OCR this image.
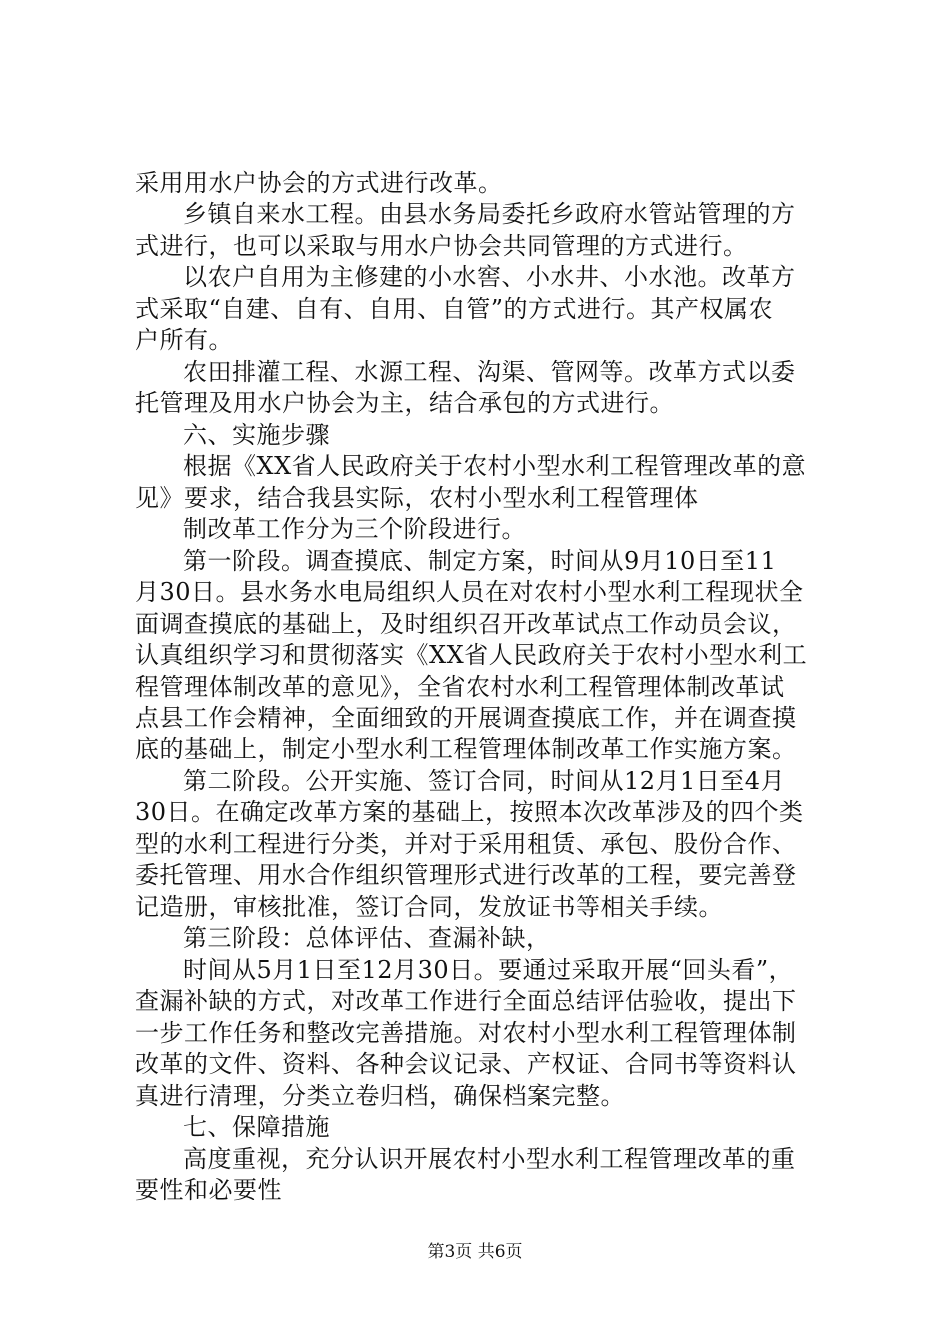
采用用水户协会的方式进行改革。
乡镇自来水工程。由县水务局委托乡政府水管站管理的方
式进行，也可以采取与用水户协会共同管理的方式进行。
以农户自用为主修建的小水窖、小水井、小水池。改革方
式采取“自建、自有、自用、自管”的方式进行。其产权属农
户所有。
农田排灌工程、水源工程、沟渠、管网等。改革方式以委
托管理及用水户协会为主，结合承包的方式进行。
六、实施步骤
根据《XX省人民政府关于农村小型水利工程管理改革的意
见》要求，结合我县实际，农村小型水利工程管理体
制改革工作分为三个阶段进行。
第一阶段。调查摸底、制定方案，时间从9月10日至11
月30日。县水务水电局组织人员在对农村小型水利工程现状全
面调查摸底的基础上，及时组织召开改革试点工作动员会议，
认真组织学习和贯彻落实《XX省人民政府关于农村小型水利工
程管理体制改革的意见》，全省农村水利工程管理体制改革试
点县工作会精神，全面细致的开展调查摸底工作，并在调查摸
底的基础上，制定小型水利工程管理体制改革工作实施方案。
第二阶段。公开实施、签订合同，时间从12月1日至4月
30日。在确定改革方案的基础上，按照本次改革涉及的四个类
型的水利工程进行分类，并对于采用租赁、承包、股份合作、
委托管理、用水合作组织管理形式进行改革的工程，要完善登
记造册，审核批准，签订合同，发放证书等相关手续。
第三阶段：总体评估、查漏补缺，
时间从5月1日至12月30日。要通过采取开展“回头看”，
查漏补缺的方式，对改革工作进行全面总结评估验收，提出下
一步工作任务和整改完善措施。对农村小型水利工程管理体制
改革的文件、资料、各种会议记录、产权证、合同书等资料认
真进行清理，分类立卷归档，确保档案完整。
七、保障措施
高度重视，充分认识开展农村小型水利工程管理改革的重
要性和必要性
第3页 共6页
